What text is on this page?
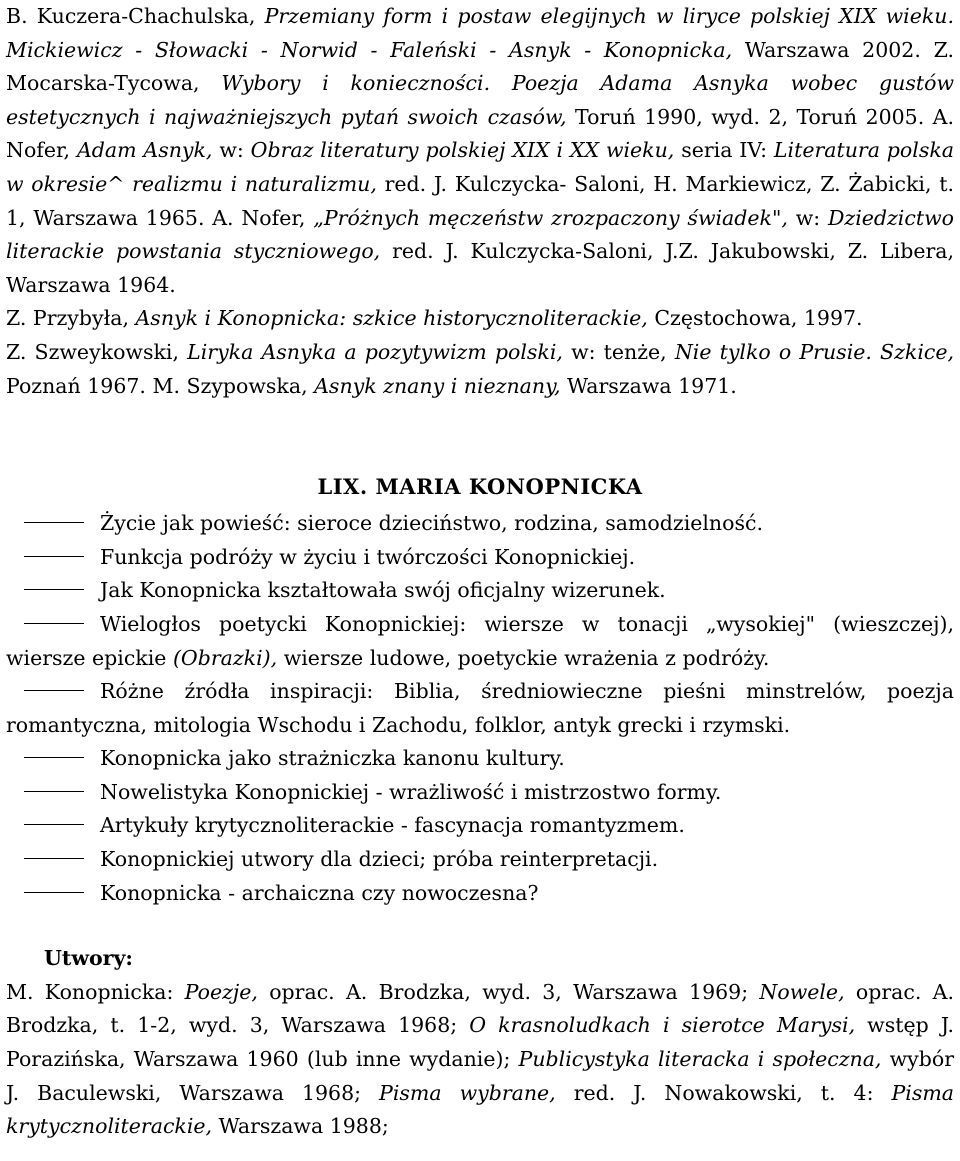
B. Kuczera-Chachulska, Przemiany form i postaw elegijnych w liryce polskiej XIX wieku. Mickiewicz - Słowacki - Norwid - Faleński - Asnyk - Konopnicka, Warszawa 2002. Z. Mocarska-Tycowa, Wybory i konieczności. Poezja Adama Asnyka wobec gustów estetycznych i najważniejszych pytań swoich czasów, Toruń 1990, wyd. 2, Toruń 2005. A. Nofer, Adam Asnyk, w: Obraz literatury polskiej XIX i XX wieku, seria IV: Literatura polska w okresie^ realizmu i naturalizmu, red. J. Kulczycka- Saloni, H. Markiewicz, Z. Żabicki, t. 1, Warszawa 1965. A. Nofer, „Próżnych męczeństw zrozpaczony świadek", w: Dziedzictwo literackie powstania styczniowego, red. J. Kulczycka-Saloni, J.Z. Jakubowski, Z. Libera, Warszawa 1964.

Z. Przybyła, Asnyk i Konopnicka: szkice historycznoliterackie, Częstochowa, 1997.

Z. Szweykowski, Liryka Asnyka a pozytywizm polski, w: tenże, Nie tylko o Prusie. Szkice, Poznań 1967. M. Szypowska, Asnyk znany i nieznany, Warszawa 1971.

LIX. MARIA KONOPNICKA

Życie jak powieść: sieroce dzieciństwo, rodzina, samodzielność.

Funkcja podróży w życiu i twórczości Konopnickiej.

Jak Konopnicka kształtowała swój oficjalny wizerunek.

Wielogłos poetycki Konopnickiej: wiersze w tonacji „wysokiej" (wieszczej), wiersze epickie (Obrazki), wiersze ludowe, poetyckie wrażenia z podróży.

Różne źródła inspiracji: Biblia, średniowieczne pieśni minstrelów, poezja romantyczna, mitologia Wschodu i Zachodu, folklor, antyk grecki i rzymski.

Konopnicka jako strażniczka kanonu kultury.

Nowelistyka Konopnickiej - wrażliwość i mistrzostwo formy.

Artykuły krytycznoliterackie - fascynacja romantyzmem.

Konopnickiej utwory dla dzieci; próba reinterpretacji.

Konopnicka - archaiczna czy nowoczesna?

Utwory:

M. Konopnicka: Poezje, oprac. A. Brodzka, wyd. 3, Warszawa 1969; Nowele, oprac. A. Brodzka, t. 1-2, wyd. 3, Warszawa 1968; O krasnoludkach i sierotce Marysi, wstęp J. Porazińska, Warszawa 1960 (lub inne wydanie); Publicystyka literacka i społeczna, wybór J. Baculewski, Warszawa 1968; Pisma wybrane, red. J. Nowakowski, t. 4: Pisma krytycznoliterackie, Warszawa 1988;
